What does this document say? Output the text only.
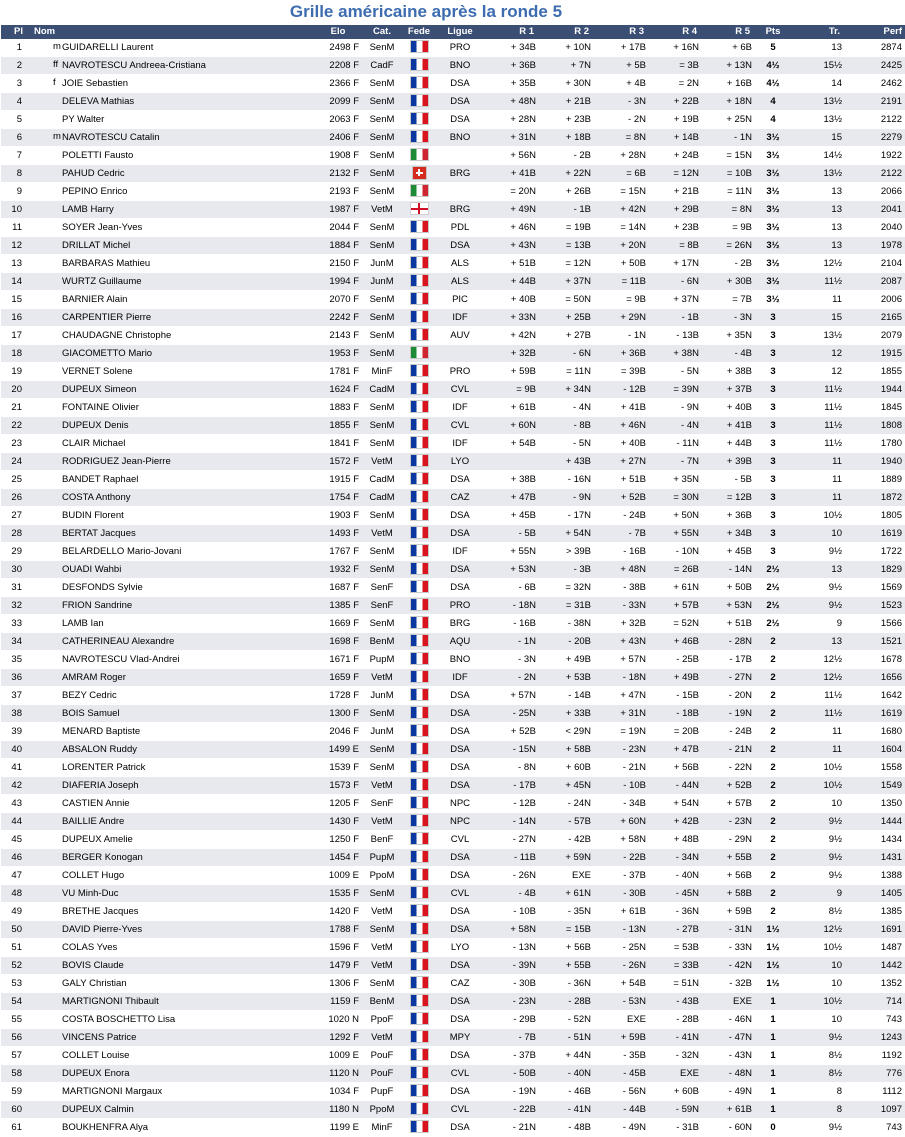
Grille américaine après la ronde 5
Pl	Nom	Elo	Cat.	Fede	Ligue	R 1	R 2	R 3	R 4	R 5	Pts	Tr.	Perf
1	m GUIDARELLI Laurent	2498 F	SenM		PRO	+ 34B	+ 10N	+ 17B	+ 16N	+ 6B	5	13	2874
2	ff NAVROTESCU Andreea-Cristiana	2208 F	CadF		BNO	+ 36B	+ 7N	+ 5B	= 3B	+ 13N	4½	15½	2425
3	f JOIE Sebastien	2366 F	SenM		DSA	+ 35B	+ 30N	+ 4B	= 2N	+ 16B	4½	14	2462
4	DELEVA Mathias	2099 F	SenM		DSA	+ 48N	+ 21B	- 3N	+ 22B	+ 18N	4	13½	2191
5	PY Walter	2063 F	SenM		DSA	+ 28N	+ 23B	- 2N	+ 19B	+ 25N	4	13½	2122
6	m NAVROTESCU Catalin	2406 F	SenM		BNO	+ 31N	+ 18B	= 8N	+ 14B	- 1N	3½	15	2279
7	POLETTI Fausto	1908 F	SenM			+ 56N	- 2B	+ 28N	+ 24B	= 15N	3½	14½	1922
8	PAHUD Cedric	2132 F	SenM		BRG	+ 41B	+ 22N	= 6B	= 12N	= 10B	3½	13½	2122
9	PEPINO Enrico	2193 F	SenM			= 20N	+ 26B	= 15N	+ 21B	= 11N	3½	13	2066
10	LAMB Harry	1987 F	VetM		BRG	+ 49N	- 1B	+ 42N	+ 29B	= 8N	3½	13	2041
11	SOYER Jean-Yves	2044 F	SenM		PDL	+ 46N	= 19B	= 14N	+ 23B	= 9B	3½	13	2040
12	DRILLAT Michel	1884 F	SenM		DSA	+ 43N	= 13B	+ 20N	= 8B	= 26N	3½	13	1978
13	BARBARAS Mathieu	2150 F	JunM		ALS	+ 51B	= 12N	+ 50B	+ 17N	- 2B	3½	12½	2104
14	WURTZ Guillaume	1994 F	JunM		ALS	+ 44B	+ 37N	= 11B	- 6N	+ 30B	3½	11½	2087
15	BARNIER Alain	2070 F	SenM		PIC	+ 40B	= 50N	= 9B	+ 37N	= 7B	3½	11	2006
16	CARPENTIER Pierre	2242 F	SenM		IDF	+ 33N	+ 25B	+ 29N	- 1B	- 3N	3	15	2165
17	CHAUDAGNE Christophe	2143 F	SenM		AUV	+ 42N	+ 27B	- 1N	- 13B	+ 35N	3	13½	2079
18	GIACOMETTO Mario	1953 F	SenM			+ 32B	- 6N	+ 36B	+ 38N	- 4B	3	12	1915
19	VERNET Solene	1781 F	MinF		PRO	+ 59B	= 11N	= 39B	- 5N	+ 38B	3	12	1855
20	DUPEUX Simeon	1624 F	CadM		CVL	= 9B	+ 34N	- 12B	= 39N	+ 37B	3	11½	1944
21	FONTAINE Olivier	1883 F	SenM		IDF	+ 61B	- 4N	+ 41B	- 9N	+ 40B	3	11½	1845
22	DUPEUX Denis	1855 F	SenM		CVL	+ 60N	- 8B	+ 46N	- 4N	+ 41B	3	11½	1808
23	CLAIR Michael	1841 F	SenM		IDF	+ 54B	- 5N	+ 40B	- 11N	+ 44B	3	11½	1780
24	RODRIGUEZ Jean-Pierre	1572 F	VetM		LYO		+ 43B	+ 27N	- 7N	+ 39B	3	11	1940
25	BANDET Raphael	1915 F	CadM		DSA	+ 38B	- 16N	+ 51B	+ 35N	- 5B	3	11	1889
26	COSTA Anthony	1754 F	CadM		CAZ	+ 47B	- 9N	+ 52B	= 30N	= 12B	3	11	1872
27	BUDIN Florent	1903 F	SenM		DSA	+ 45B	- 17N	- 24B	+ 50N	+ 36B	3	10½	1805
28	BERTAT Jacques	1493 F	VetM		DSA	- 5B	+ 54N	- 7B	+ 55N	+ 34B	3	10	1619
29	BELARDELLO Mario-Jovani	1767 F	SenM		IDF	+ 55N	> 39B	- 16B	- 10N	+ 45B	3	9½	1722
30	OUADI Wahbi	1932 F	SenM		DSA	+ 53N	- 3B	+ 48N	= 26B	- 14N	2½	13	1829
31	DESFONDS Sylvie	1687 F	SenF		DSA	- 6B	= 32N	- 38B	+ 61N	+ 50B	2½	9½	1569
32	FRION Sandrine	1385 F	SenF		PRO	- 18N	= 31B	- 33N	+ 57B	+ 53N	2½	9½	1523
33	LAMB Ian	1669 F	SenM		BRG	- 16B	- 38N	+ 32B	= 52N	+ 51B	2½	9	1566
34	CATHERINEAU Alexandre	1698 F	BenM		AQU	- 1N	- 20B	+ 43N	+ 46B	- 28N	2	13	1521
35	NAVROTESCU Vlad-Andrei	1671 F	PupM		BNO	- 3N	+ 49B	+ 57N	- 25B	- 17B	2	12½	1678
36	AMRAM Roger	1659 F	VetM		IDF	- 2N	+ 53B	- 18N	+ 49B	- 27N	2	12½	1656
37	BEZY Cedric	1728 F	JunM		DSA	+ 57N	- 14B	+ 47N	- 15B	- 20N	2	11½	1642
38	BOIS Samuel	1300 F	SenM		DSA	- 25N	+ 33B	+ 31N	- 18B	- 19N	2	11½	1619
39	MENARD Baptiste	2046 F	JunM		DSA	+ 52B	< 29N	= 19N	= 20B	- 24B	2	11	1680
40	ABSALON Ruddy	1499 E	SenM		DSA	- 15N	+ 58B	- 23N	+ 47B	- 21N	2	11	1604
41	LORENTER Patrick	1539 F	SenM		DSA	- 8N	+ 60B	- 21N	+ 56B	- 22N	2	10½	1558
42	DIAFERIA Joseph	1573 F	VetM		DSA	- 17B	+ 45N	- 10B	- 44N	+ 52B	2	10½	1549
43	CASTIEN Annie	1205 F	SenF		NPC	- 12B	- 24N	- 34B	+ 54N	+ 57B	2	10	1350
44	BAILLIE Andre	1430 F	VetM		NPC	- 14N	- 57B	+ 60N	+ 42B	- 23N	2	9½	1444
45	DUPEUX Amelie	1250 F	BenF		CVL	- 27N	- 42B	+ 58N	+ 48B	- 29N	2	9½	1434
46	BERGER Konogan	1454 F	PupM		DSA	- 11B	+ 59N	- 22B	- 34N	+ 55B	2	9½	1431
47	COLLET Hugo	1009 E	PpoM		DSA	- 26N	EXE	- 37B	- 40N	+ 56B	2	9½	1388
48	VU Minh-Duc	1535 F	SenM		CVL	- 4B	+ 61N	- 30B	- 45N	+ 58B	2	9	1405
49	BRETHE Jacques	1420 F	VetM		DSA	- 10B	- 35N	+ 61B	- 36N	+ 59B	2	8½	1385
50	DAVID Pierre-Yves	1788 F	SenM		DSA	+ 58N	= 15B	- 13N	- 27B	- 31N	1½	12½	1691
51	COLAS Yves	1596 F	VetM		LYO	- 13N	+ 56B	- 25N	= 53B	- 33N	1½	10½	1487
52	BOVIS Claude	1479 F	VetM		DSA	- 39N	+ 55B	- 26N	= 33B	- 42N	1½	10	1442
53	GALY Christian	1306 F	SenM		CAZ	- 30B	- 36N	+ 54B	= 51N	- 32B	1½	10	1352
54	MARTIGNONI Thibault	1159 F	BenM		DSA	- 23N	- 28B	- 53N	- 43B	EXE	1	10½	714
55	COSTA BOSCHETTO Lisa	1020 N	PpoF		DSA	- 29B	- 52N	EXE	- 28B	- 46N	1	10	743
56	VINCENS Patrice	1292 F	VetM		MPY	- 7B	- 51N	+ 59B	- 41N	- 47N	1	9½	1243
57	COLLET Louise	1009 E	PouF		DSA	- 37B	+ 44N	- 35B	- 32N	- 43N	1	8½	1192
58	DUPEUX Enora	1120 N	PouF		CVL	- 50B	- 40N	- 45B	EXE	- 48N	1	8½	776
59	MARTIGNONI Margaux	1034 F	PupF		DSA	- 19N	- 46B	- 56N	+ 60B	- 49N	1	8	1112
60	DUPEUX Calmin	1180 N	PpoM		CVL	- 22B	- 41N	- 44B	- 59N	+ 61B	1	8	1097
61	BOUKHENFRA Alya	1199 E	MinF		DSA	- 21N	- 48B	- 49N	- 31B	- 60N	0	9½	743
